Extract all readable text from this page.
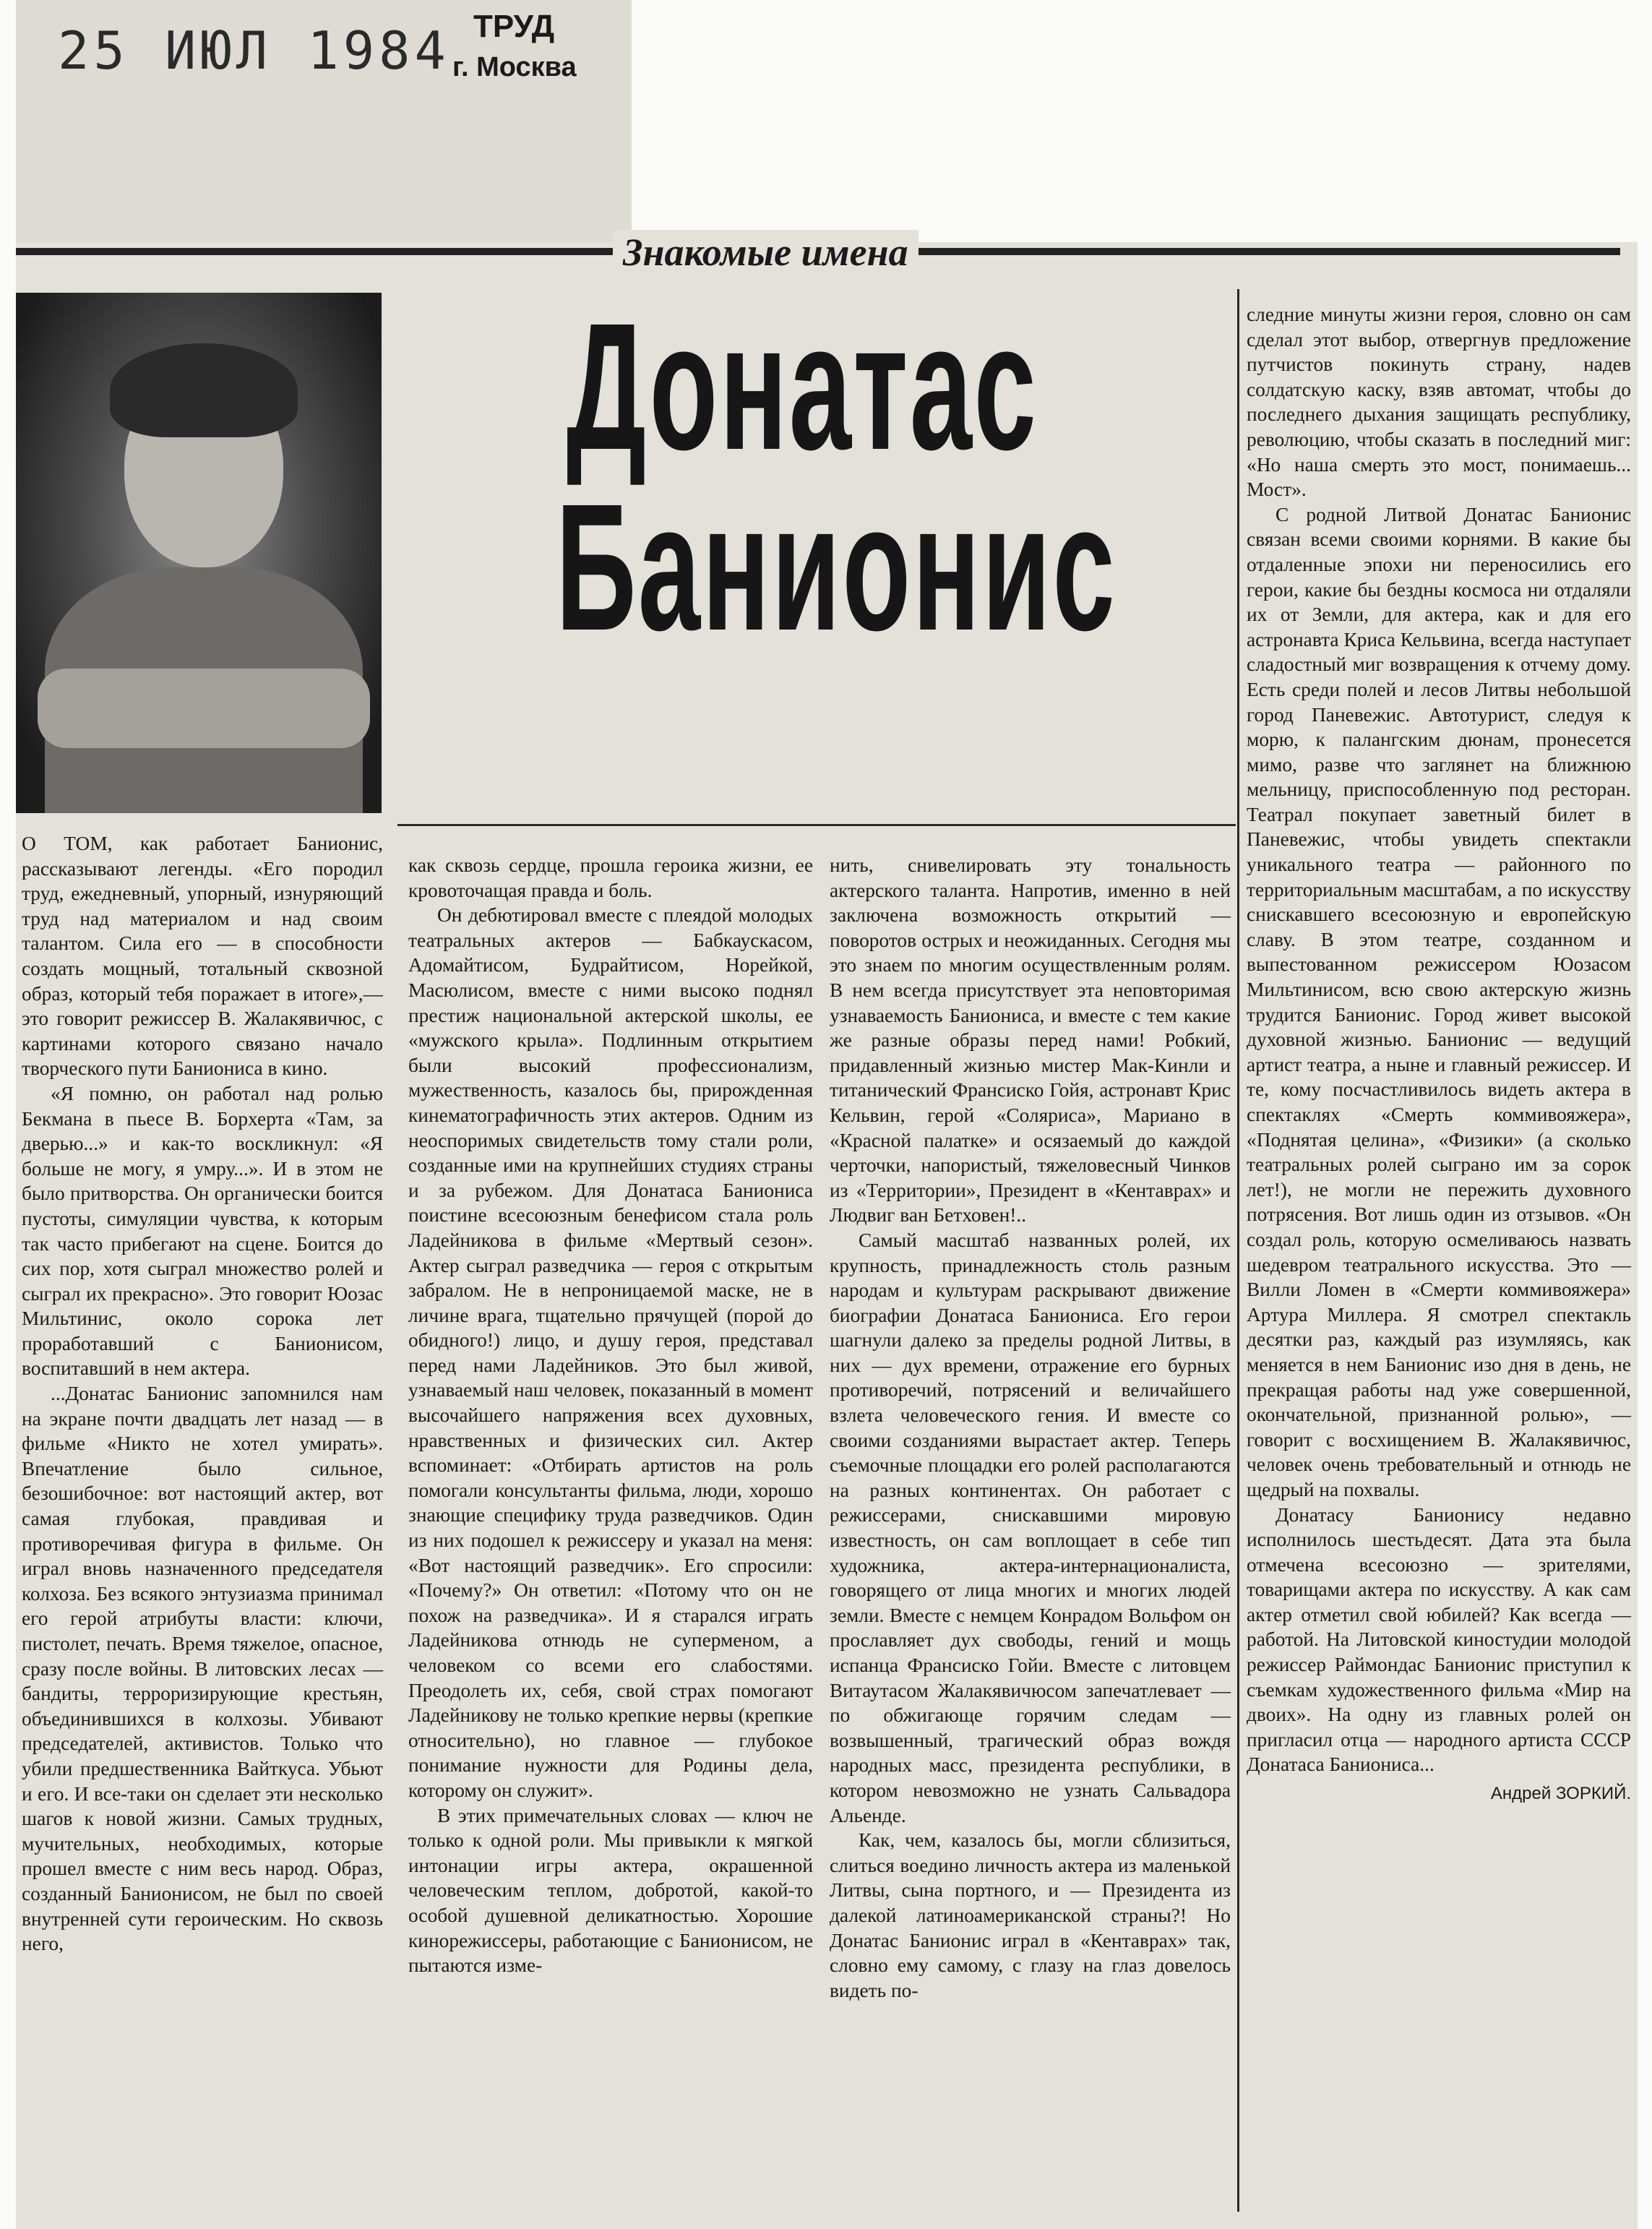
25 ИЮЛ 1984 ТРУД
г. Москва
Знакомые имена
Донатас
Банионис

О ТОМ, как работает Банионис, рассказывают легенды. «Его породил труд, ежедневный, упорный, изнуряющий труд над материалом и над своим талантом. Сила его — в способности создать мощный, тотальный сквозной образ, который тебя поражает в итоге»,— это говорит режиссер В. Жалакявичюс, с картинами которого связано начало творческого пути Баниониса в кино.

«Я помню, он работал над ролью Бекмана в пьесе В. Борхерта «Там, за дверью...» и как-то воскликнул: «Я больше не могу, я умру...». И в этом не было притворства. Он органически боится пустоты, симуляции чувства, к которым так часто прибегают на сцене. Боится до сих пор, хотя сыграл множество ролей и сыграл их прекрасно». Это говорит Юозас Мильтинис, около сорока лет проработавший с Банионисом, воспитавший в нем актера.

...Донатас Банионис запомнился нам на экране почти двадцать лет назад — в фильме «Никто не хотел умирать». Впечатление было сильное, безошибочное: вот настоящий актер, вот самая глубокая, правдивая и противоречивая фигура в фильме. Он играл вновь назначенного председателя колхоза. Без всякого энтузиазма принимал его герой атрибуты власти: ключи, пистолет, печать. Время тяжелое, опасное, сразу после войны. В литовских лесах — бандиты, терроризирующие крестьян, объединившихся в колхозы. Убивают председателей, активистов. Только что убили предшественника Вайткуса. Убьют и его. И все-таки он сделает эти несколько шагов к новой жизни. Самых трудных, мучительных, необходимых, которые прошел вместе с ним весь народ. Образ, созданный Банионисом, не был по своей внутренней сути героическим. Но сквозь него,

как сквозь сердце, прошла героика жизни, ее кровоточащая правда и боль.

Он дебютировал вместе с плеядой молодых театральных актеров — Бабкаускасом, Адомайтисом, Будрайтисом, Норейкой, Масюлисом, вместе с ними высоко поднял престиж национальной актерской школы, ее «мужского крыла». Подлинным открытием были высокий профессионализм, мужественность, казалось бы, прирожденная кинематографичность этих актеров. Одним из неоспоримых свидетельств тому стали роли, созданные ими на крупнейших студиях страны и за рубежом. Для Донатаса Баниониса поистине всесоюзным бенефисом стала роль Ладейникова в фильме «Мертвый сезон». Актер сыграл разведчика — героя с открытым забралом. Не в непроницаемой маске, не в личине врага, тщательно прячущей (порой до обидного!) лицо, и душу героя, представал перед нами Ладейников. Это был живой, узнаваемый наш человек, показанный в момент высочайшего напряжения всех духовных, нравственных и физических сил. Актер вспоминает: «Отбирать артистов на роль помогали консультанты фильма, люди, хорошо знающие специфику труда разведчиков. Один из них подошел к режиссеру и указал на меня: «Вот настоящий разведчик». Его спросили: «Почему?» Он ответил: «Потому что он не похож на разведчика». И я старался играть Ладейникова отнюдь не суперменом, а человеком со всеми его слабостями. Преодолеть их, себя, свой страх помогают Ладейникову не только крепкие нервы (крепкие относительно), но главное — глубокое понимание нужности для Родины дела, которому он служит».

В этих примечательных словах — ключ не только к одной роли. Мы привыкли к мягкой интонации игры актера, окрашенной человеческим теплом, добротой, какой-то особой душевной деликатностью. Хорошие кинорежиссеры, работающие с Банионисом, не пытаются изме-

нить, снивелировать эту тональность актерского таланта. Напротив, именно в ней заключена возможность открытий — поворотов острых и неожиданных. Сегодня мы это знаем по многим осуществленным ролям. В нем всегда присутствует эта неповторимая узнаваемость Баниониса, и вместе с тем какие же разные образы перед нами! Робкий, придавленный жизнью мистер Мак-Кинли и титанический Франсиско Гойя, астронавт Крис Кельвин, герой «Соляриса», Мариано в «Красной палатке» и осязаемый до каждой черточки, напористый, тяжеловесный Чинков из «Территории», Президент в «Кентаврах» и Людвиг ван Бетховен!..

Самый масштаб названных ролей, их крупность, принадлежность столь разным народам и культурам раскрывают движение биографии Донатаса Баниониса. Его герои шагнули далеко за пределы родной Литвы, в них — дух времени, отражение его бурных противоречий, потрясений и величайшего взлета человеческого гения. И вместе со своими созданиями вырастает актер. Теперь съемочные площадки его ролей располагаются на разных континентах. Он работает с режиссерами, снискавшими мировую известность, он сам воплощает в себе тип художника, актера-интернационалиста, говорящего от лица многих и многих людей земли. Вместе с немцем Конрадом Вольфом он прославляет дух свободы, гений и мощь испанца Франсиско Гойи. Вместе с литовцем Витаутасом Жалакявичюсом запечатлевает — по обжигающе горячим следам — возвышенный, трагический образ вождя народных масс, президента республики, в котором невозможно не узнать Сальвадора Альенде.

Как, чем, казалось бы, могли сблизиться, слиться воедино личность актера из маленькой Литвы, сына портного, и — Президента из далекой латиноамериканской страны?! Но Донатас Банионис играл в «Кентаврах» так, словно ему самому, с глазу на глаз довелось видеть по-

следние минуты жизни героя, словно он сам сделал этот выбор, отвергнув предложение путчистов покинуть страну, надев солдатскую каску, взяв автомат, чтобы до последнего дыхания защищать республику, революцию, чтобы сказать в последний миг: «Но наша смерть это мост, понимаешь... Мост».

С родной Литвой Донатас Банионис связан всеми своими корнями. В какие бы отдаленные эпохи ни переносились его герои, какие бы бездны космоса ни отдаляли их от Земли, для актера, как и для его астронавта Криса Кельвина, всегда наступает сладостный миг возвращения к отчему дому. Есть среди полей и лесов Литвы небольшой город Паневежис. Автотурист, следуя к морю, к палангским дюнам, пронесется мимо, разве что заглянет на ближнюю мельницу, приспособленную под ресторан. Театрал покупает заветный билет в Паневежис, чтобы увидеть спектакли уникального театра — районного по территориальным масштабам, а по искусству снискавшего всесоюзную и европейскую славу. В этом театре, созданном и выпестованном режиссером Юозасом Мильтинисом, всю свою актерскую жизнь трудится Банионис. Город живет высокой духовной жизнью. Банионис — ведущий артист театра, а ныне и главный режиссер. И те, кому посчастливилось видеть актера в спектаклях «Смерть коммивояжера», «Поднятая целина», «Физики» (а сколько театральных ролей сыграно им за сорок лет!), не могли не пережить духовного потрясения. Вот лишь один из отзывов. «Он создал роль, которую осмеливаюсь назвать шедевром театрального искусства. Это — Вилли Ломен в «Смерти коммивояжера» Артура Миллера. Я смотрел спектакль десятки раз, каждый раз изумляясь, как меняется в нем Банионис изо дня в день, не прекращая работы над уже совершенной, окончательной, признанной ролью», — говорит с восхищением В. Жалакявичюс, человек очень требовательный и отнюдь не щедрый на похвалы.

Донатасу Банионису недавно исполнилось шестьдесят. Дата эта была отмечена всесоюзно — зрителями, товарищами актера по искусству. А как сам актер отметил свой юбилей? Как всегда — работой. На Литовской киностудии молодой режиссер Раймондас Банионис приступил к съемкам художественного фильма «Мир на двоих». На одну из главных ролей он пригласил отца — народного артиста СССР Донатаса Баниониса...

Андрей ЗОРКИЙ.
